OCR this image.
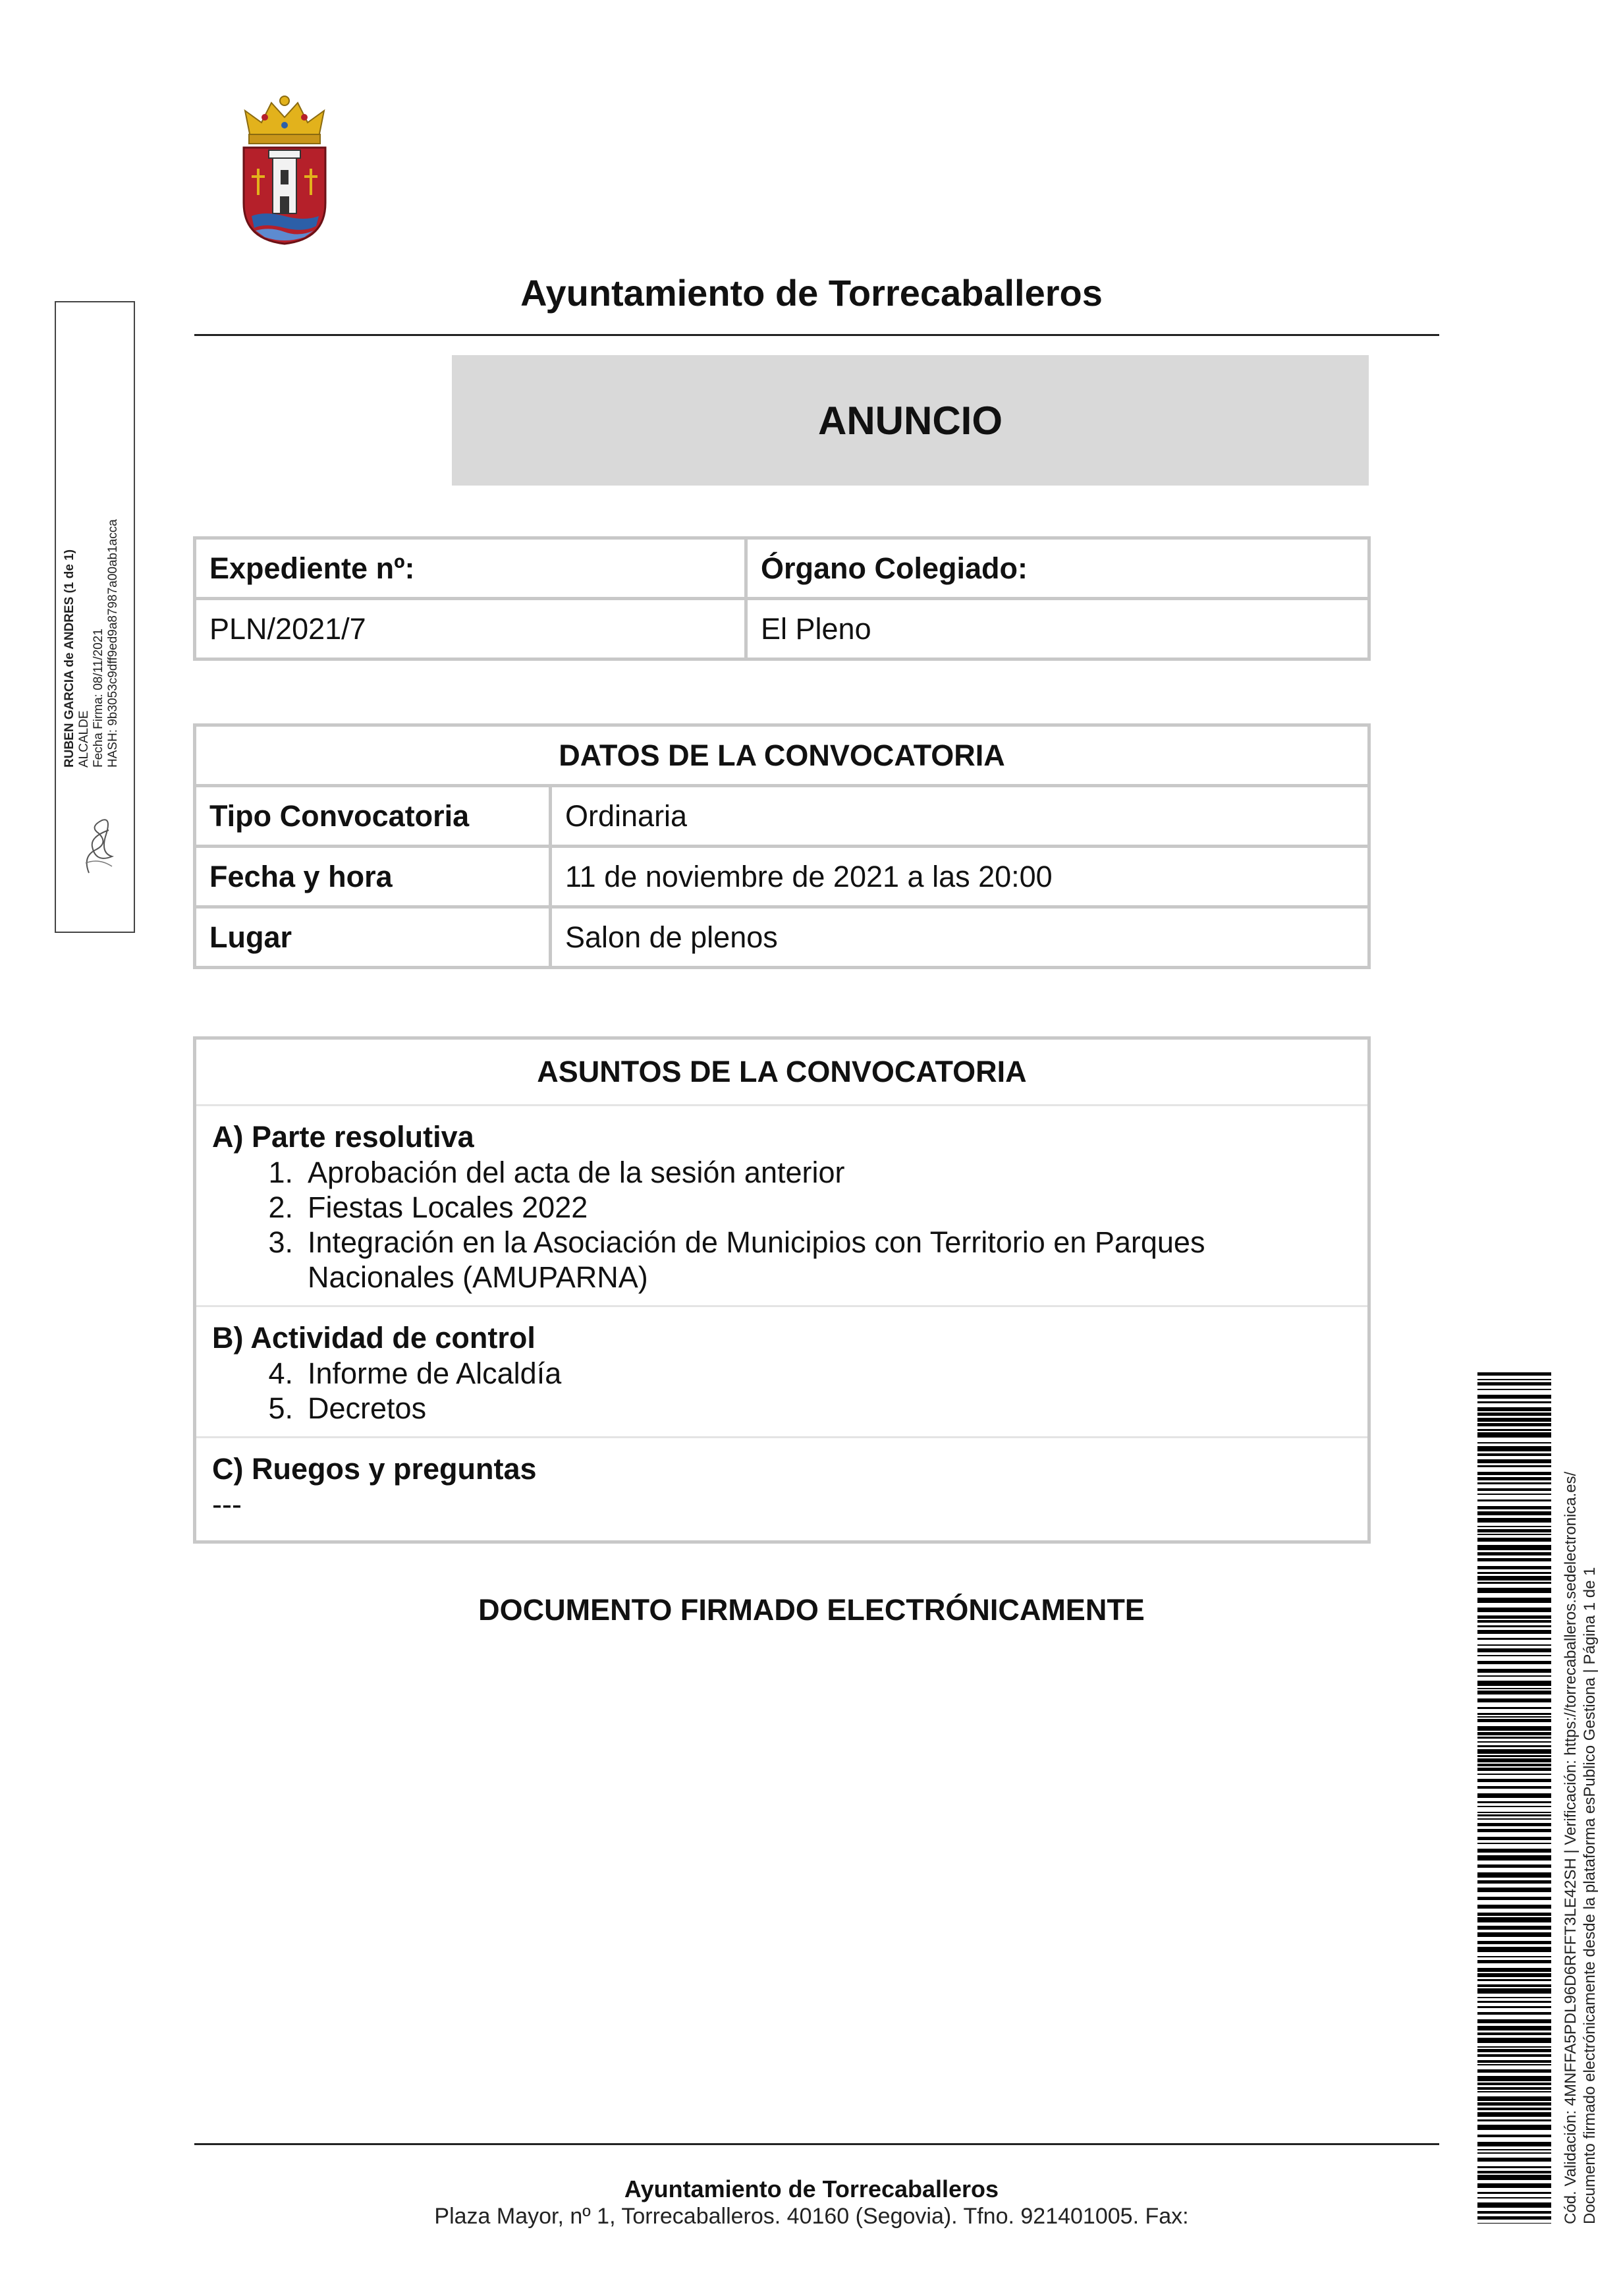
Ayuntamiento de Torrecaballeros
ANUNCIO
Expediente nº:	Órgano Colegiado:
PLN/2021/7	El Pleno
DATOS DE LA CONVOCATORIA	
Tipo Convocatoria	Ordinaria
Fecha y hora	11 de noviembre de 2021 a las 20:00
Lugar	Salon de plenos
ASUNTOS DE LA CONVOCATORIA
A) Parte resolutiva
1. Aprobación del acta de la sesión anterior
2. Fiestas Locales 2022
3. Integración en la Asociación de Municipios con Territorio en Parques Nacionales (AMUPARNA)
B) Actividad de control
4. Informe de Alcaldía
5. Decretos
C) Ruegos y preguntas
---
DOCUMENTO FIRMADO ELECTRÓNICAMENTE
Ayuntamiento de Torrecaballeros
Plaza Mayor, nº 1, Torrecaballeros. 40160 (Segovia). Tfno. 921401005. Fax:
RUBEN GARCIA de ANDRES (1 de 1) ALCALDE Fecha Firma: 08/11/2021 HASH: 9b3053c9dff9ed9a87987a00ab1acca
Cód. Validación: 4MNFFA5PDL96D6RFFT3LE42SH | Verificación: https://torrecaballeros.sedelectronica.es/ Documento firmado electrónicamente desde la plataforma esPublico Gestiona | Página 1 de 1
